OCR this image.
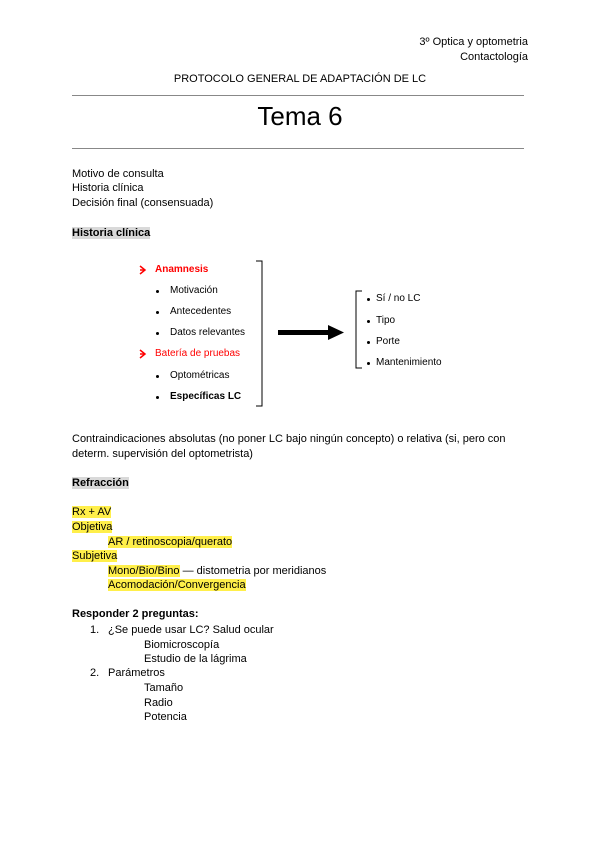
3º Optica y optometria
Contactología
PROTOCOLO GENERAL DE ADAPTACIÓN DE LC
Tema 6
Motivo de consulta
Historia clínica
Decisión final (consensuada)
Historia clínica
Anamnesis
Motivación
Antecedentes
Datos relevantes
Batería de pruebas
Optométricas
Específicas LC
Sí / no LC
Tipo
Porte
Mantenimiento
Contraindicaciones absolutas (no poner LC bajo ningún concepto) o relativa (si, pero con
determ. supervisión del optometrista)
Refracción
Rx + AV
Objetiva
AR / retinoscopia/querato
Subjetiva
Mono/Bio/Bino — distometria por meridianos
Acomodación/Convergencia
Responder 2 preguntas:
1. ¿Se puede usar LC? Salud ocular
Biomicroscopía
Estudio de la lágrima
2. Parámetros
Tamaño
Radio
Potencia
